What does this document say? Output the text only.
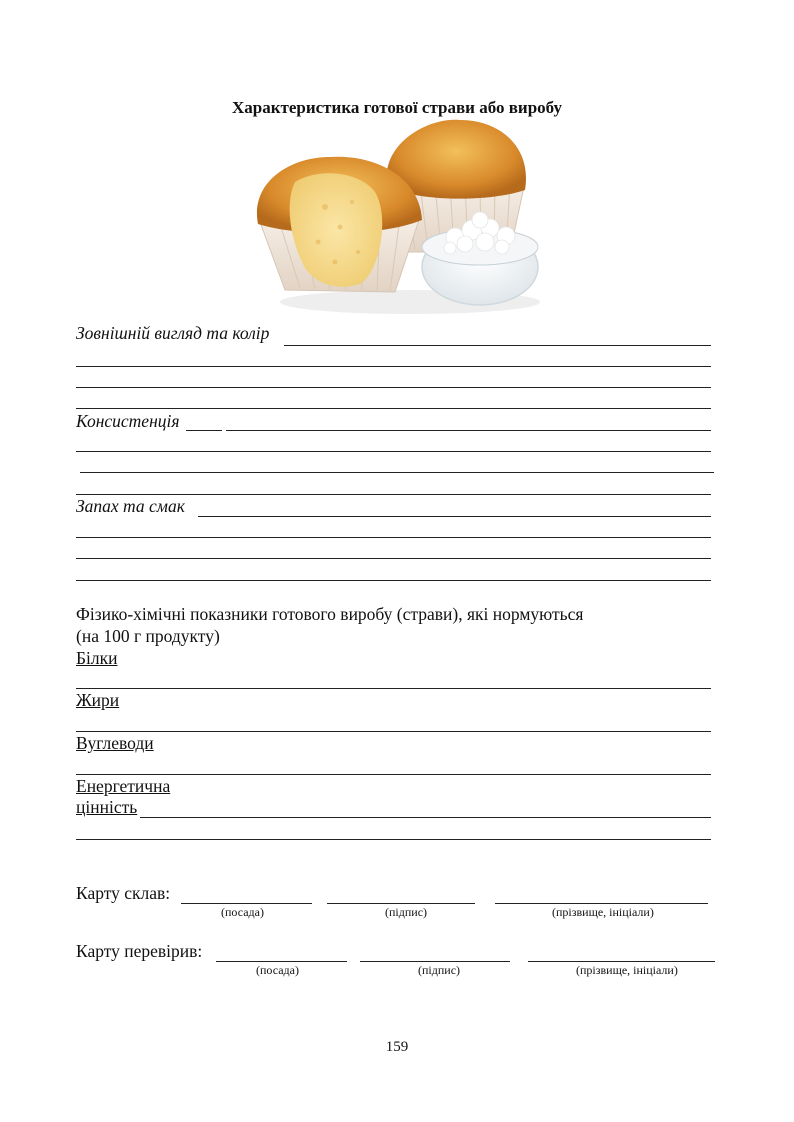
Характеристика готової страви або виробу
Зовнішній вигляд та колір
Консистенція
Запах та смак
Фізико-хімічні показники готового виробу (страви), які нормуються
(на 100 г продукту)
Білки
Жири
Вуглеводи
Енергетична
цінність
Карту склав:
(посада)	(підпис)	(прізвище, ініціали)
Карту перевірив:
(посада)	(підпис)	(прізвище, ініціали)
159
